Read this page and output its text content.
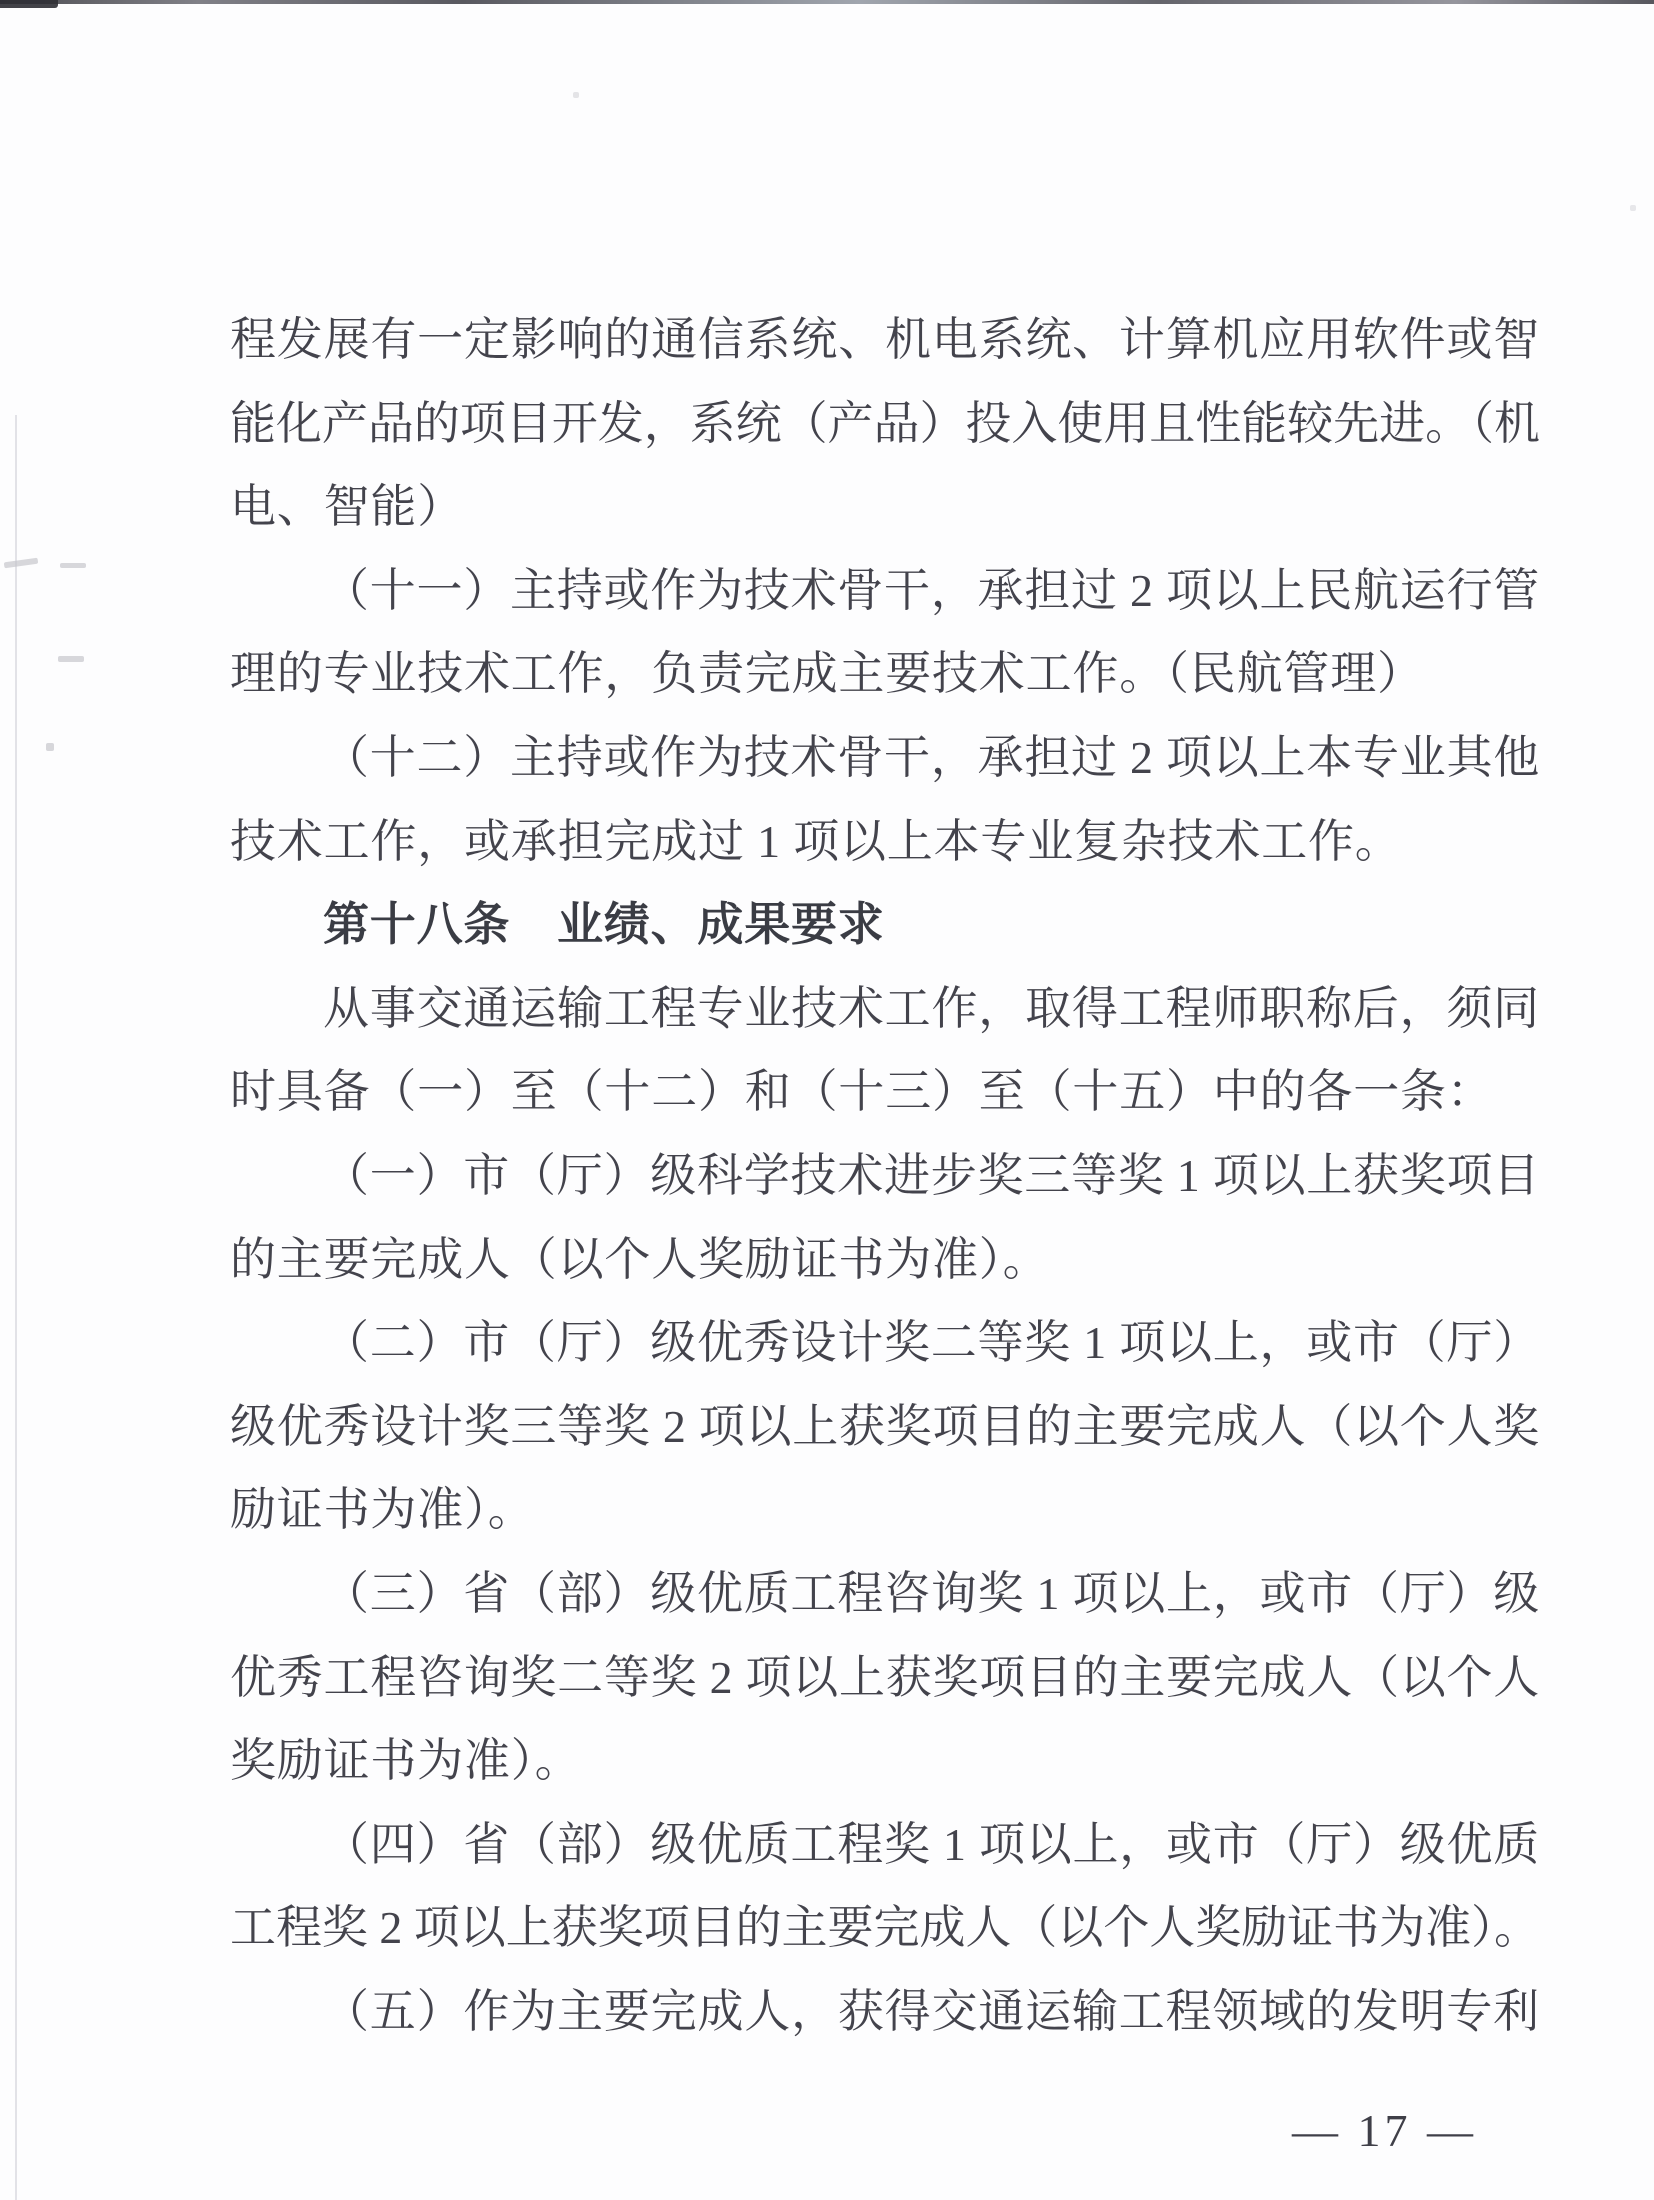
程发展有一定影响的通信系统、机电系统、计算机应用软件或智
能化产品的项目开发，系统（产品）投入使用且性能较先进。（机
电、智能）
（十一）主持或作为技术骨干，承担过 2 项以上民航运行管
理的专业技术工作，负责完成主要技术工作。（民航管理）
（十二）主持或作为技术骨干，承担过 2 项以上本专业其他
技术工作，或承担完成过 1 项以上本专业复杂技术工作。
第十八条　业绩、成果要求
从事交通运输工程专业技术工作，取得工程师职称后，须同
时具备（一）至（十二）和（十三）至（十五）中的各一条：
（一）市（厅）级科学技术进步奖三等奖 1 项以上获奖项目
的主要完成人（以个人奖励证书为准）。
（二）市（厅）级优秀设计奖二等奖 1 项以上，或市（厅）
级优秀设计奖三等奖 2 项以上获奖项目的主要完成人（以个人奖
励证书为准）。
（三）省（部）级优质工程咨询奖 1 项以上，或市（厅）级
优秀工程咨询奖二等奖 2 项以上获奖项目的主要完成人（以个人
奖励证书为准）。
（四）省（部）级优质工程奖 1 项以上，或市（厅）级优质
工程奖 2 项以上获奖项目的主要完成人（以个人奖励证书为准）。
（五）作为主要完成人，获得交通运输工程领域的发明专利
— 17 —
